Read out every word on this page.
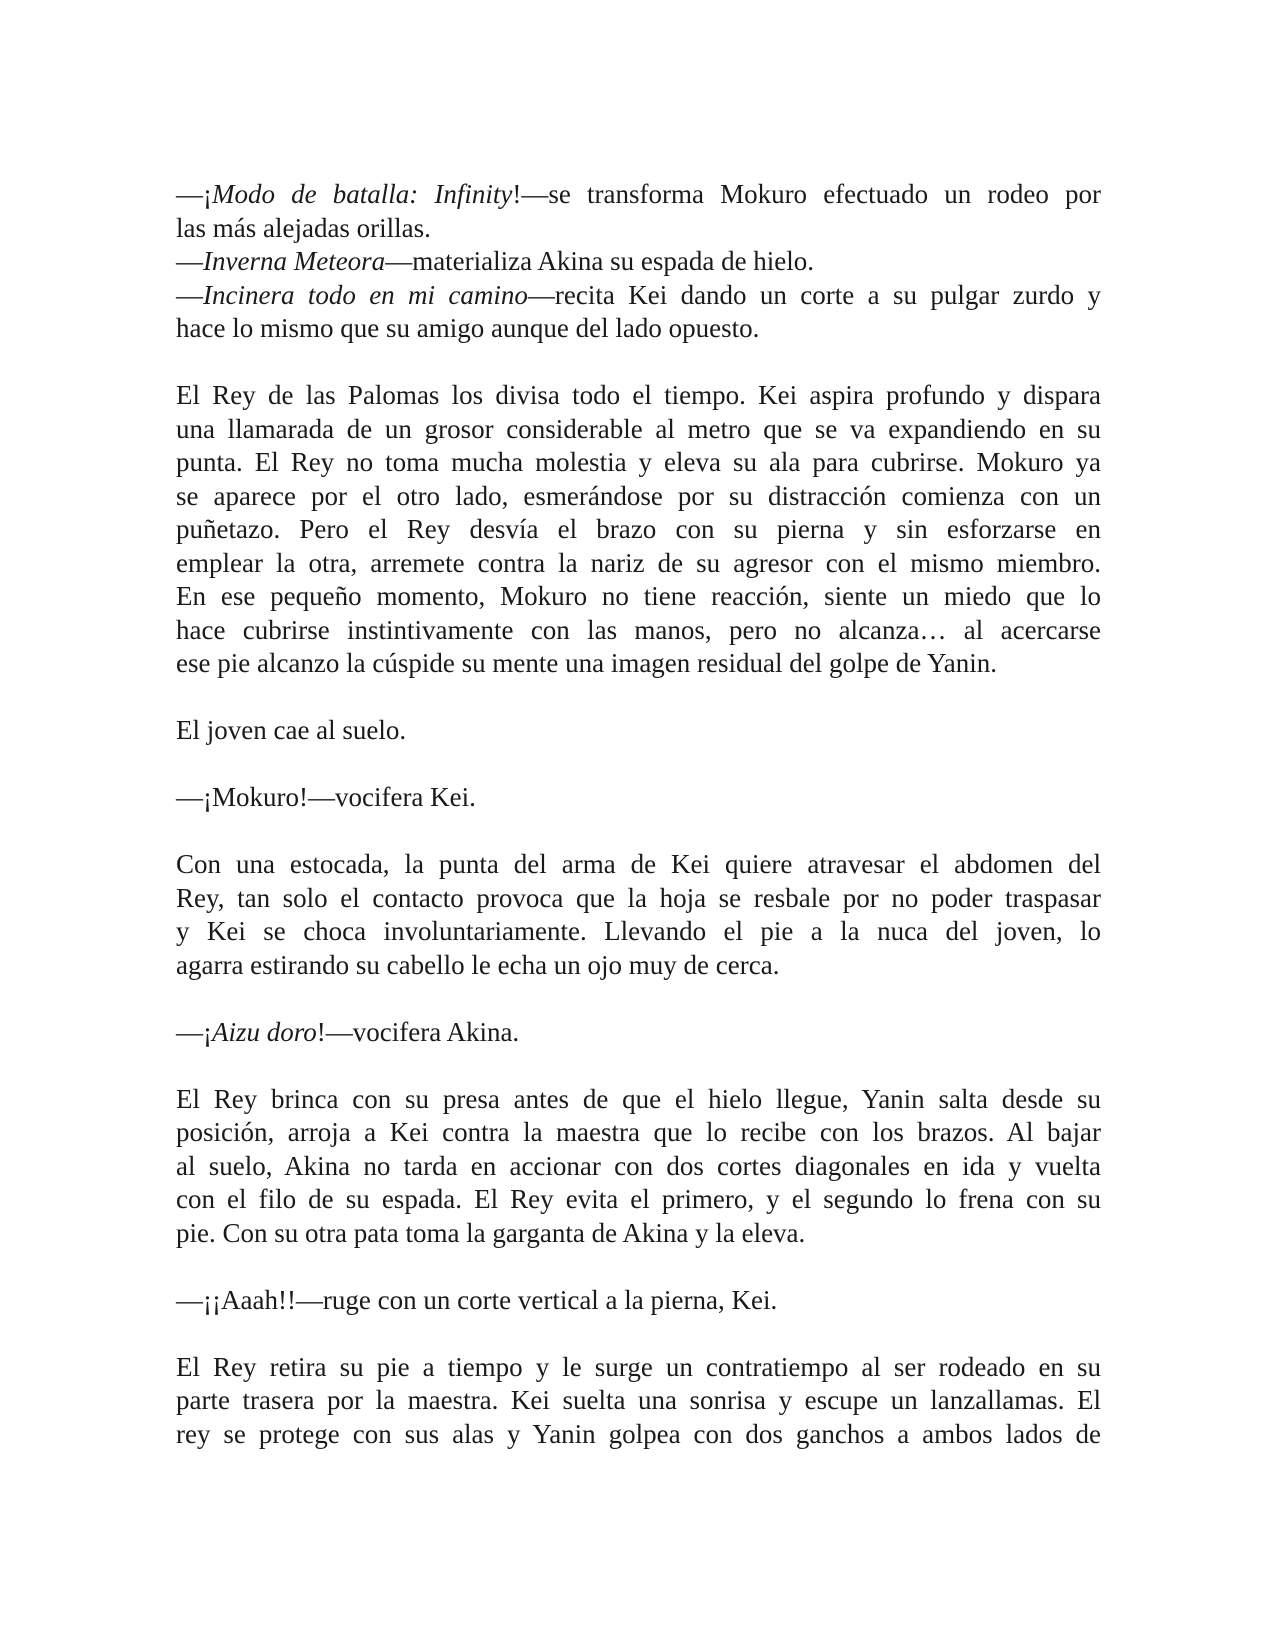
—¡Modo de batalla: Infinity!—se transforma Mokuro efectuado un rodeo por
las más alejadas orillas.
—Inverna Meteora—materializa Akina su espada de hielo.
—Incinera todo en mi camino—recita Kei dando un corte a su pulgar zurdo y
hace lo mismo que su amigo aunque del lado opuesto.
El Rey de las Palomas los divisa todo el tiempo. Kei aspira profundo y dispara
una llamarada de un grosor considerable al metro que se va expandiendo en su
punta. El Rey no toma mucha molestia y eleva su ala para cubrirse. Mokuro ya
se aparece por el otro lado, esmerándose por su distracción comienza con un
puñetazo. Pero el Rey desvía el brazo con su pierna y sin esforzarse en
emplear la otra, arremete contra la nariz de su agresor con el mismo miembro.
En ese pequeño momento, Mokuro no tiene reacción, siente un miedo que lo
hace cubrirse instintivamente con las manos, pero no alcanza… al acercarse
ese pie alcanzo la cúspide su mente una imagen residual del golpe de Yanin.
El joven cae al suelo.
—¡Mokuro!—vocifera Kei.
Con una estocada, la punta del arma de Kei quiere atravesar el abdomen del
Rey, tan solo el contacto provoca que la hoja se resbale por no poder traspasar
y Kei se choca involuntariamente. Llevando el pie a la nuca del joven, lo
agarra estirando su cabello le echa un ojo muy de cerca.
—¡Aizu doro!—vocifera Akina.
El Rey brinca con su presa antes de que el hielo llegue, Yanin salta desde su
posición, arroja a Kei contra la maestra que lo recibe con los brazos. Al bajar
al suelo, Akina no tarda en accionar con dos cortes diagonales en ida y vuelta
con el filo de su espada. El Rey evita el primero, y el segundo lo frena con su
pie. Con su otra pata toma la garganta de Akina y la eleva.
—¡¡Aaah!!—ruge con un corte vertical a la pierna, Kei.
El Rey retira su pie a tiempo y le surge un contratiempo al ser rodeado en su
parte trasera por la maestra. Kei suelta una sonrisa y escupe un lanzallamas. El
rey se protege con sus alas y Yanin golpea con dos ganchos a ambos lados de
